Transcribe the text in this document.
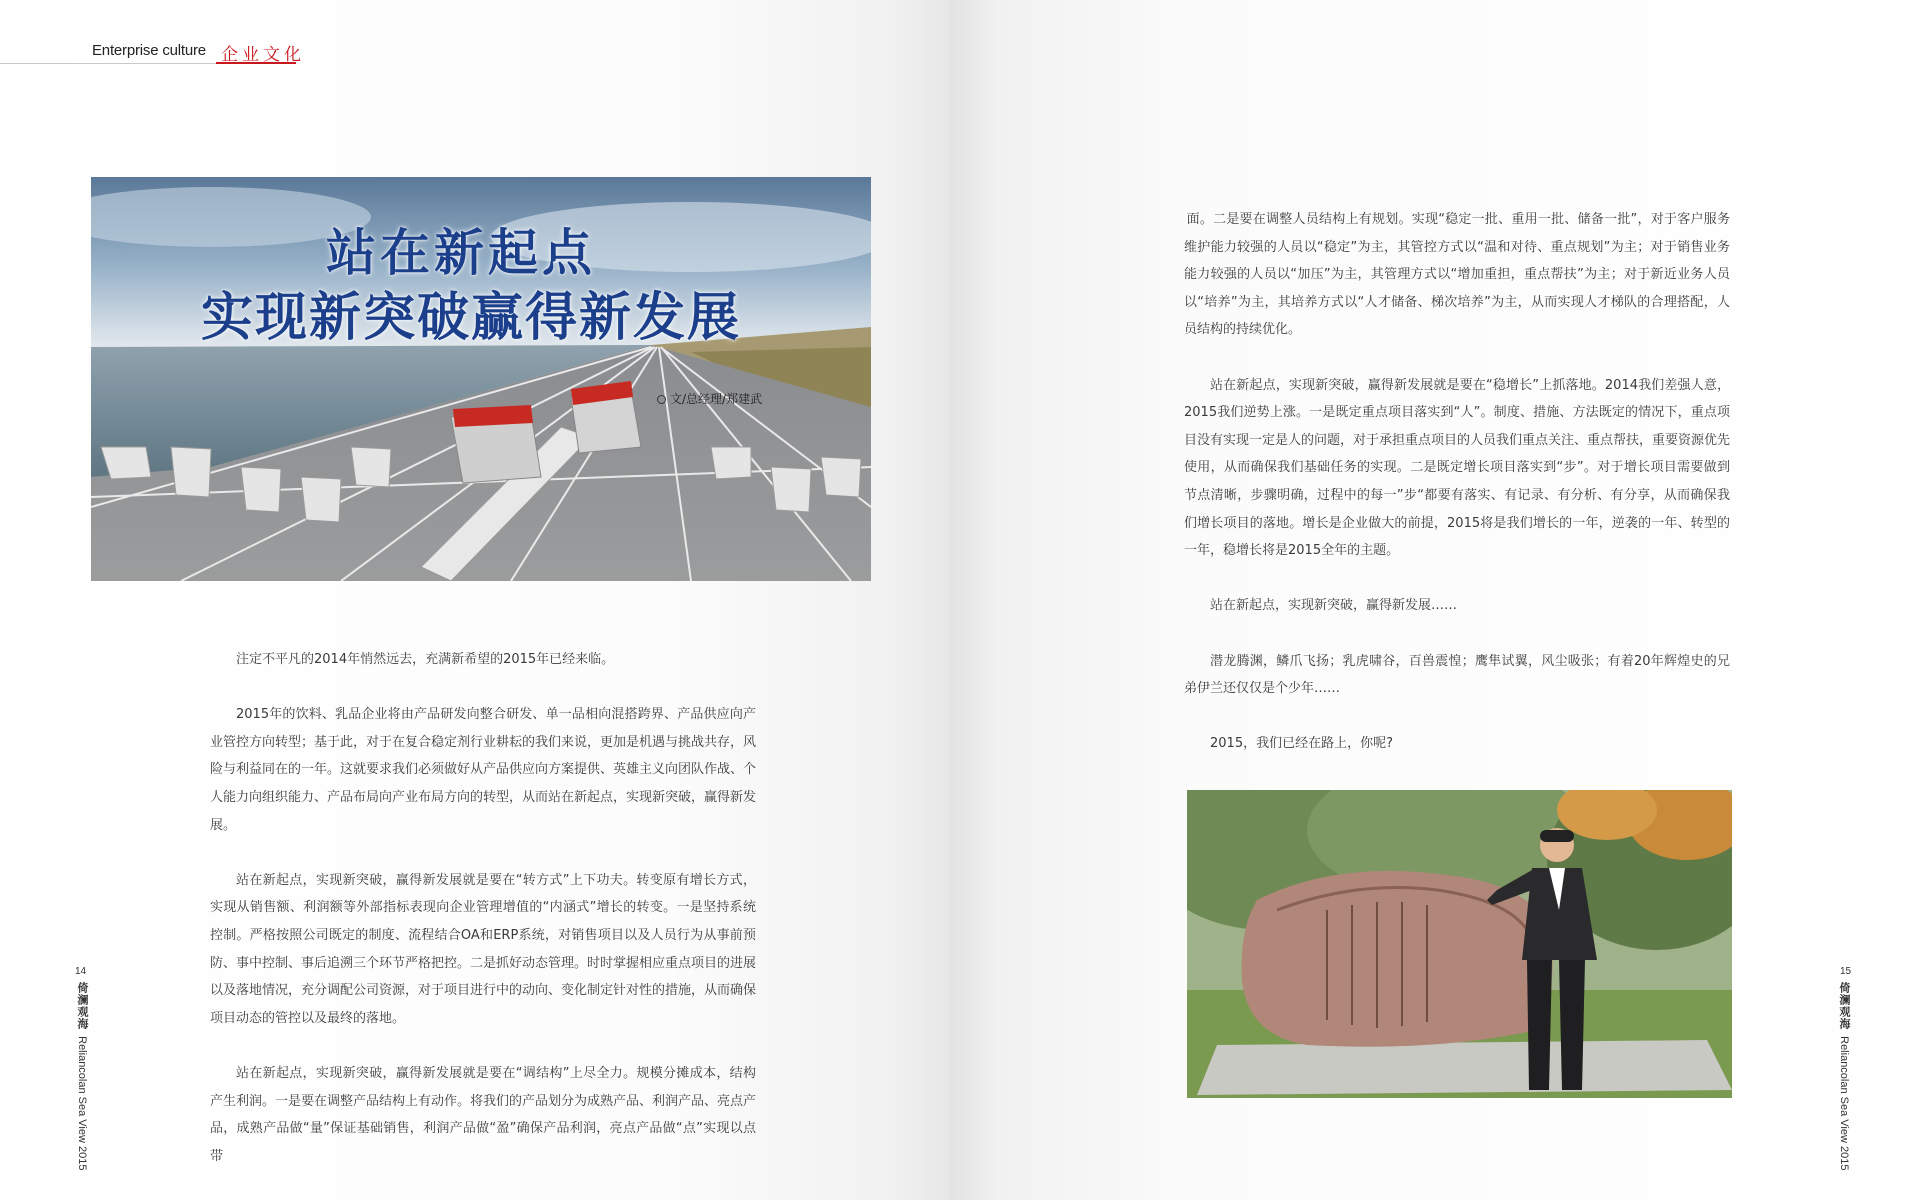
Enterprise culture 企业文化
站在新起点
实现新突破赢得新发展
文/总经理/郑建武

注定不平凡的2014年悄然远去，充满新希望的2015年已经来临。

2015年的饮料、乳品企业将由产品研发向整合研发、单一品相向混搭跨界、产品供应向产业管控方向转型；基于此，对于在复合稳定剂行业耕耘的我们来说，更加是机遇与挑战共存，风险与利益同在的一年。这就要求我们必须做好从产品供应向方案提供、英雄主义向团队作战、个人能力向组织能力、产品布局向产业布局方向的转型，从而站在新起点，实现新突破，赢得新发展。

站在新起点，实现新突破，赢得新发展就是要在“转方式”上下功夫。转变原有增长方式，实现从销售额、利润额等外部指标表现向企业管理增值的“内涵式”增长的转变。一是坚持系统控制。严格按照公司既定的制度、流程结合OA和ERP系统，对销售项目以及人员行为从事前预防、事中控制、事后追溯三个环节严格把控。二是抓好动态管理。时时掌握相应重点项目的进展以及落地情况，充分调配公司资源，对于项目进行中的动向、变化制定针对性的措施，从而确保项目动态的管控以及最终的落地。

站在新起点，实现新突破，赢得新发展就是要在“调结构”上尽全力。规模分摊成本，结构产生利润。一是要在调整产品结构上有动作。将我们的产品划分为成熟产品、利润产品、亮点产品，成熟产品做“量”保证基础销售，利润产品做“盈”确保产品利润，亮点产品做“点”实现以点带

14
倚澜观海  Reliancolan Sea View 2015
15
倚澜观海  Reliancolan Sea View 2015

面。二是要在调整人员结构上有规划。实现“稳定一批、重用一批、储备一批”，对于客户服务维护能力较强的人员以“稳定”为主，其管控方式以“温和对待、重点规划”为主；对于销售业务能力较强的人员以“加压”为主，其管理方式以“增加重担，重点帮扶”为主；对于新近业务人员以“培养”为主，其培养方式以“人才储备、梯次培养”为主，从而实现人才梯队的合理搭配，人员结构的持续优化。

站在新起点，实现新突破，赢得新发展就是要在“稳增长”上抓落地。2014我们差强人意，2015我们逆势上涨。一是既定重点项目落实到“人”。制度、措施、方法既定的情况下，重点项目没有实现一定是人的问题，对于承担重点项目的人员我们重点关注、重点帮扶，重要资源优先使用，从而确保我们基础任务的实现。二是既定增长项目落实到“步”。对于增长项目需要做到节点清晰，步骤明确，过程中的每一”步“都要有落实、有记录、有分析、有分享，从而确保我们增长项目的落地。增长是企业做大的前提，2015将是我们增长的一年，逆袭的一年、转型的一年，稳增长将是2015全年的主题。

站在新起点，实现新突破，赢得新发展……

潜龙腾渊，鳞爪飞扬；乳虎啸谷，百兽震惶；鹰隼试翼，风尘吸张；有着20年辉煌史的兄弟伊兰还仅仅是个少年……

2015，我们已经在路上，你呢?
